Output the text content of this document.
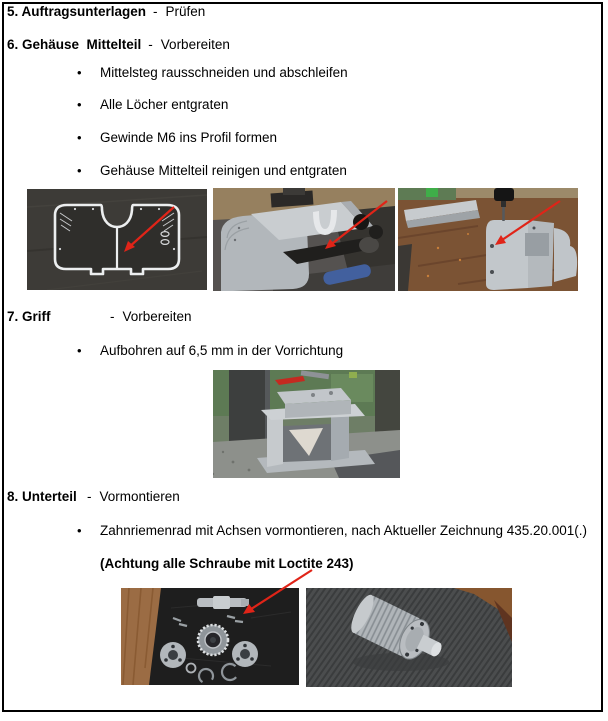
5. Auftragsunterlagen - Prüfen
6. Gehäuse  Mittelteil - Vorbereiten
•	Mittelsteg rausschneiden und abschleifen
•	Alle Löcher entgraten
•	Gewinde M6 ins Profil formen
•	Gehäuse Mittelteil reinigen und entgraten
7. Griff	- Vorbereiten
•	Aufbohren auf 6,5 mm in der Vorrichtung
8. Unterteil - Vormontieren
•	Zahnriemenrad mit Achsen vormontieren, nach Aktueller Zeichnung 435.20.001(.)
(Achtung alle Schraube mit Loctite 243)
